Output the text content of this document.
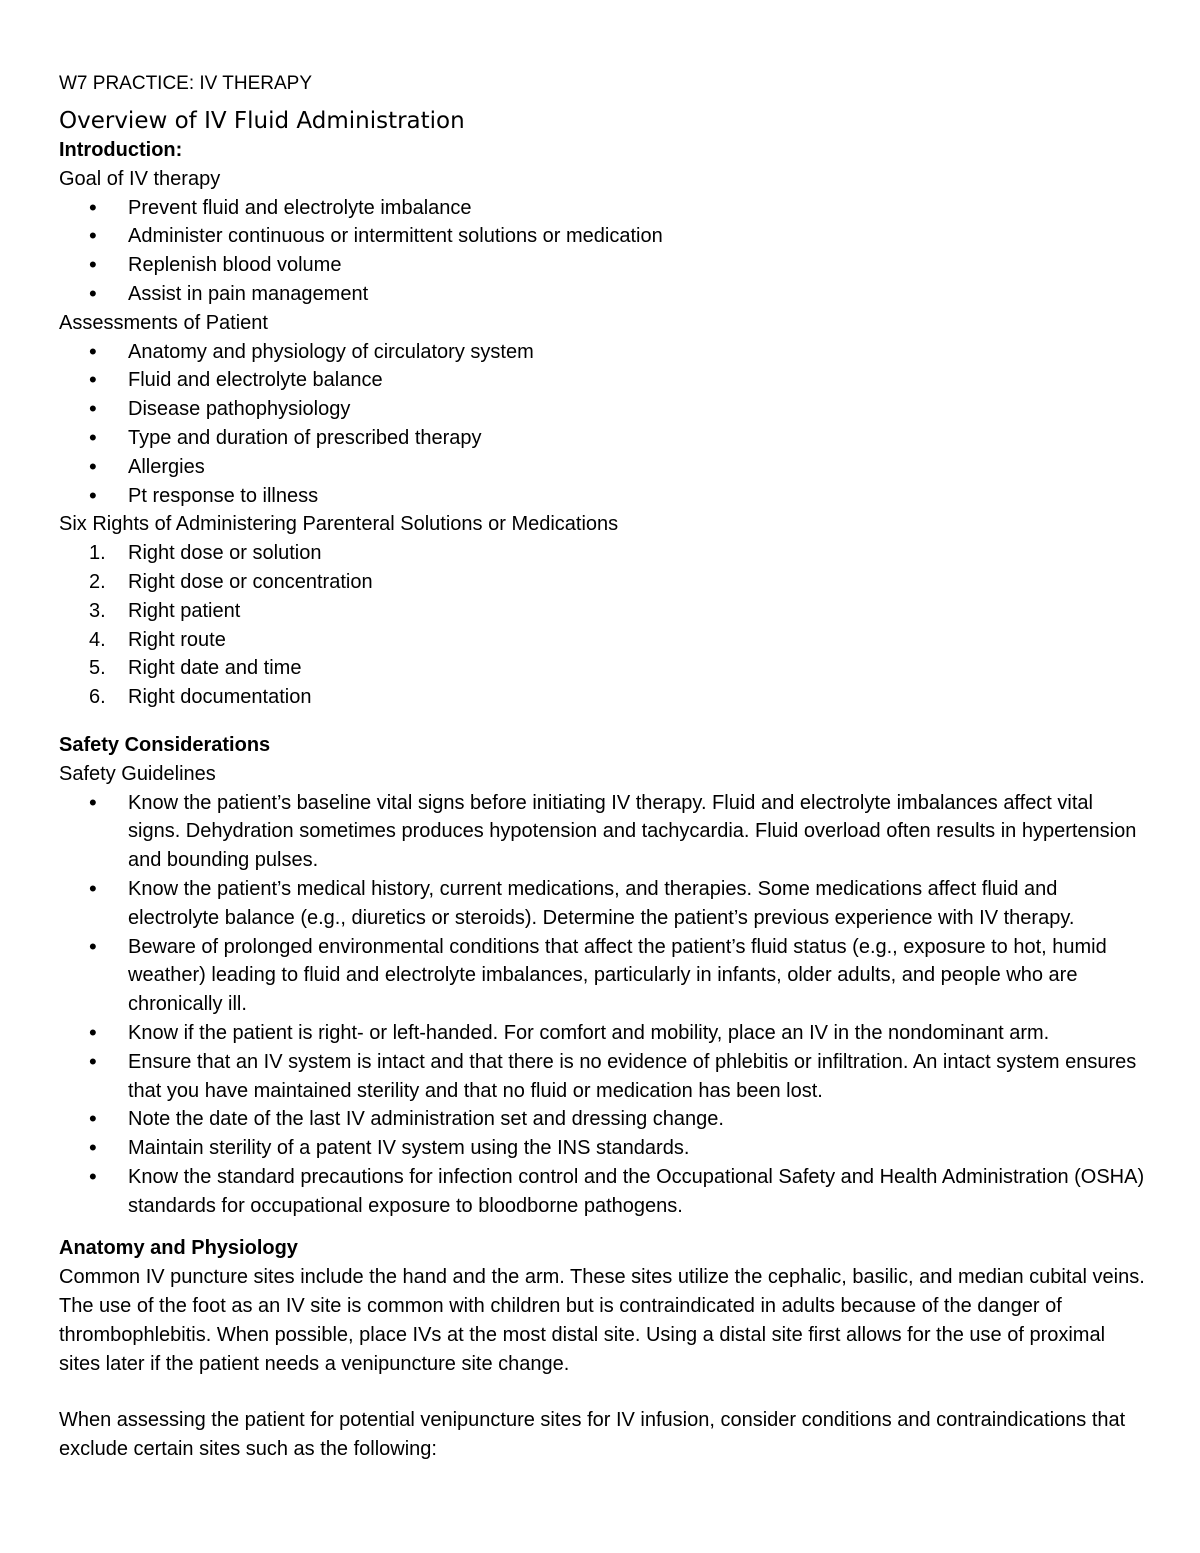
W7 PRACTICE: IV THERAPY
Overview of IV Fluid Administration
Introduction:
Goal of IV therapy
• Prevent fluid and electrolyte imbalance
• Administer continuous or intermittent solutions or medication
• Replenish blood volume
• Assist in pain management
Assessments of Patient
• Anatomy and physiology of circulatory system
• Fluid and electrolyte balance
• Disease pathophysiology
• Type and duration of prescribed therapy
• Allergies
• Pt response to illness
Six Rights of Administering Parenteral Solutions or Medications
1. Right dose or solution
2. Right dose or concentration
3. Right patient
4. Right route
5. Right date and time
6. Right documentation
Safety Considerations
Safety Guidelines
• Know the patient’s baseline vital signs before initiating IV therapy. Fluid and electrolyte imbalances affect vital signs. Dehydration sometimes produces hypotension and tachycardia. Fluid overload often results in hypertension and bounding pulses.
• Know the patient’s medical history, current medications, and therapies. Some medications affect fluid and electrolyte balance (e.g., diuretics or steroids). Determine the patient’s previous experience with IV therapy.
• Beware of prolonged environmental conditions that affect the patient’s fluid status (e.g., exposure to hot, humid weather) leading to fluid and electrolyte imbalances, particularly in infants, older adults, and people who are chronically ill.
• Know if the patient is right- or left-handed. For comfort and mobility, place an IV in the nondominant arm.
• Ensure that an IV system is intact and that there is no evidence of phlebitis or infiltration. An intact system ensures that you have maintained sterility and that no fluid or medication has been lost.
• Note the date of the last IV administration set and dressing change.
• Maintain sterility of a patent IV system using the INS standards.
• Know the standard precautions for infection control and the Occupational Safety and Health Administration (OSHA) standards for occupational exposure to bloodborne pathogens.
Anatomy and Physiology

Common IV puncture sites include the hand and the arm. These sites utilize the cephalic, basilic, and median cubital veins. The use of the foot as an IV site is common with children but is contraindicated in adults because of the danger of thrombophlebitis. When possible, place IVs at the most distal site. Using a distal site first allows for the use of proximal sites later if the patient needs a venipuncture site change.

When assessing the patient for potential venipuncture sites for IV infusion, consider conditions and contraindications that exclude certain sites such as the following:
